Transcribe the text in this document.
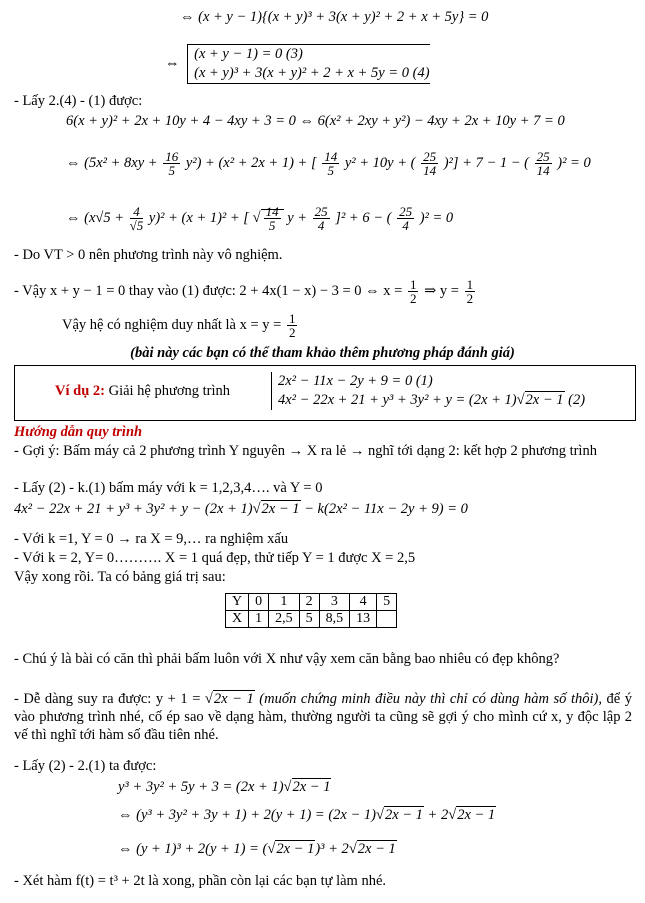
⇔ (x + y − 1){(x + y)³ + 3(x + y)² + 2 + x + 5y} = 0
⇔
(x + y − 1) = 0 (3)
(x + y)³ + 3(x + y)² + 2 + x + 5y = 0 (4)
- Lấy 2.(4) - (1) được:
6(x + y)² + 2x + 10y + 4 − 4xy + 3 = 0 ⇔ 6(x² + 2xy + y²) − 4xy + 2x + 10y + 7 = 0
⇔ $(5x^2 + 8xy + \frac{16}{5} y^2) + (x^2 + 2x + 1)$ + [ $\frac{14}{5} y^2 + 10y$ + ( $\frac{25}{14} )^2] + 7 - 1$ − ( $\frac{25}{14} )^2 = 0$
⇔ $(x√5 + \frac{4}{√5} y)^2 + (x + 1)^2$ + [ √ $\frac{14}{5}$ $y + \frac{25}{4} ]^2 + 6$ − ( $\frac{25}{4} )^2 = 0$
- Do VT > 0 nên phương trình này vô nghiệm.
- Vậy x + y − 1 = 0 thay vào (1) được: 2 + 4x(1 − x) − 3 = 0 ⇔ $x = \frac{1}{2}$ ⇒ $y = \frac{1}{2}$
Vậy hệ có nghiệm duy nhất là $x = y = \frac{1}{2}$
(bài này các bạn có thể tham khảo thêm phương pháp đánh giá)
Ví dụ 2: Giải hệ phương trình
2x² − 11x − 2y + 9 = 0 (1)
4x² − 22x + 21 + y³ + 3y² + y = (2x + 1)√2x − 1 (2)
Hướng dẫn quy trình
- Gợi ý: Bấm máy cả 2 phương trình Y nguyên → X ra lẻ → nghĩ tới dạng 2: kết hợp 2 phương trình
- Lấy (2) - k.(1) bấm máy với k = 1,2,3,4…. và Y = 0
4x² − 22x + 21 + y³ + 3y² + y − (2x + 1)√2x − 1 − k(2x² − 11x − 2y + 9) = 0
- Với k =1, Y = 0 → ra X = 9,… ra nghiệm xấu
- Với k = 2, Y= 0………. X = 1 quá đẹp, thử tiếp Y = 1 được X = 2,5
Vậy xong rồi. Ta có bảng giá trị sau:
Y	0	1	2	3	4	5
X	1	2,5	5	8,5	13	
- Chú ý là bài có căn thì phải bấm luôn với X như vậy xem căn bằng bao nhiêu có đẹp không?
- Dễ dàng suy ra được: y + 1 = √2x − 1 (muốn chứng minh điều này thì chỉ có dùng hàm số thôi), để ý vào phương trình nhé, cố ép sao về dạng hàm, thường người ta cũng sẽ gợi ý cho mình cứ x, y độc lập 2 vế thì nghĩ tới hàm số đầu tiên nhé.
- Lấy (2) - 2.(1) ta được:
y³ + 3y² + 5y + 3 = (2x + 1)√2x − 1
⇔ (y³ + 3y² + 3y + 1) + 2(y + 1) = (2x − 1)√2x − 1 + 2√2x − 1
⇔ (y + 1)³ + 2(y + 1) = (√2x − 1)³ + 2√2x − 1
- Xét hàm f(t) = t³ + 2t là xong, phần còn lại các bạn tự làm nhé.
